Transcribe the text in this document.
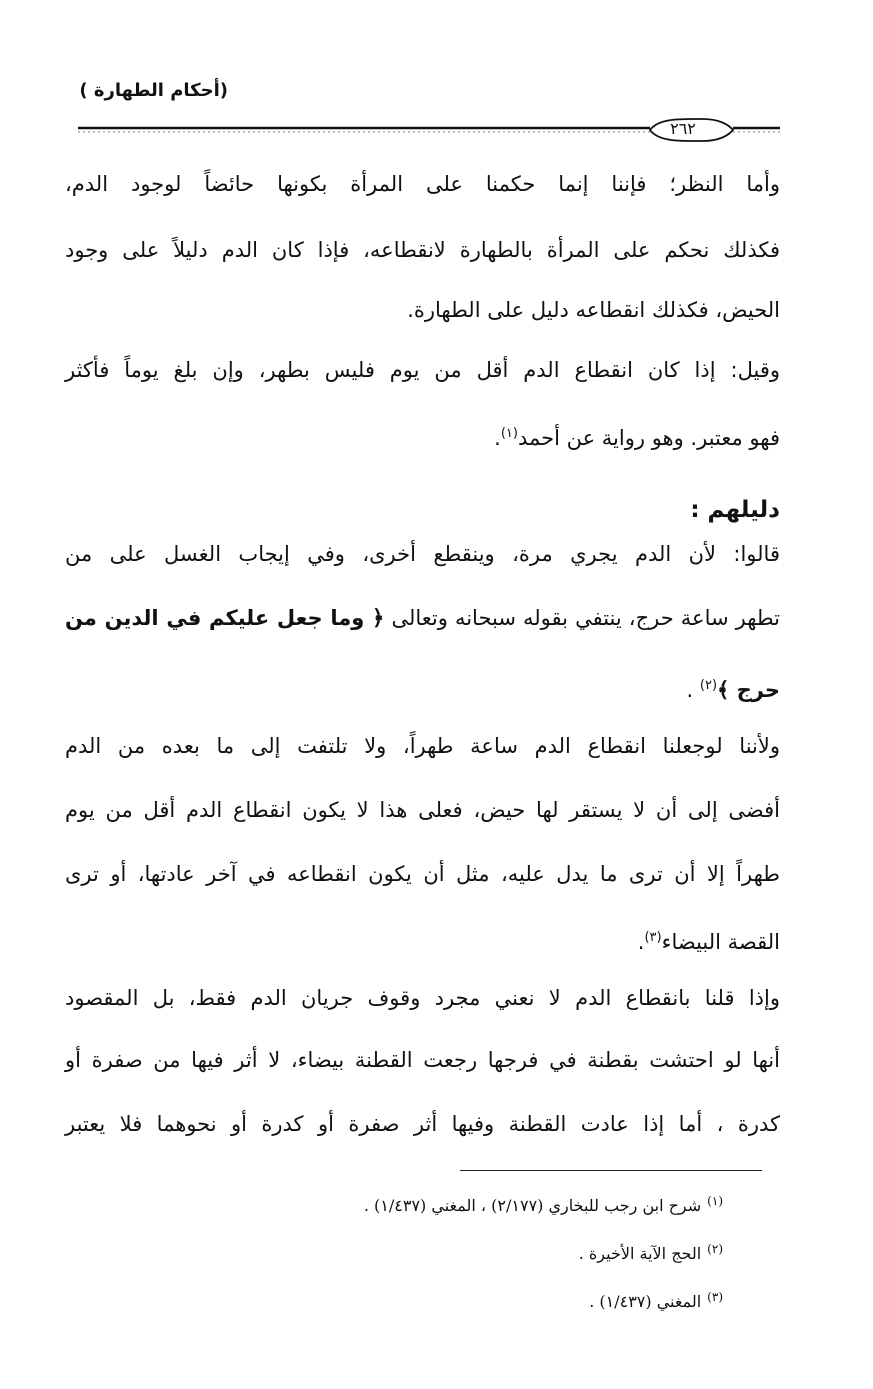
(أحكام الطهارة )
٢٦٢
وأما النظر؛ فإننا إنما حكمنا على المرأة بكونها حائضاً لوجود الدم،
فكذلك نحكم على المرأة بالطهارة لانقطاعه، فإذا كان الدم دليلاً على وجود
الحيض، فكذلك انقطاعه دليل على الطهارة.
وقيل: إذا كان انقطاع الدم أقل من يوم فليس بطهر، وإن بلغ يوماً فأكثر
فهو معتبر. وهو رواية عن أحمد$^{(١)}$.
دليلهم :
قالوا: لأن الدم يجري مرة، وينقطع أخرى، وفي إيجاب الغسل على من
تطهر ساعة حرج، ينتفي بقوله سبحانه وتعالى ﴿ وما جعل عليكم في الدين من
حرج ﴾$^{(٢)}$ .
ولأننا لوجعلنا انقطاع الدم ساعة طهراً، ولا تلتفت إلى ما بعده من الدم
أفضى إلى أن لا يستقر لها حيض، فعلى هذا لا يكون انقطاع الدم أقل من يوم
طهراً إلا أن ترى ما يدل عليه، مثل أن يكون انقطاعه في آخر عادتها، أو ترى
القصة البيضاء$^{(٣)}$.
وإذا قلنا بانقطاع الدم لا نعني مجرد وقوف جريان الدم فقط، بل المقصود
أنها لو احتشت بقطنة في فرجها رجعت القطنة بيضاء، لا أثر فيها من صفرة أو
كدرة ، أما إذا عادت القطنة وفيها أثر صفرة أو كدرة أو نحوهما فلا يعتبر
$^{(١)}$شرح ابن رجب للبخاري (٢/١٧٧) ، المغني (١/٤٣٧) .
$^{(٢)}$الحج الآية الأخيرة .
$^{(٣)}$المغني (١/٤٣٧) .
